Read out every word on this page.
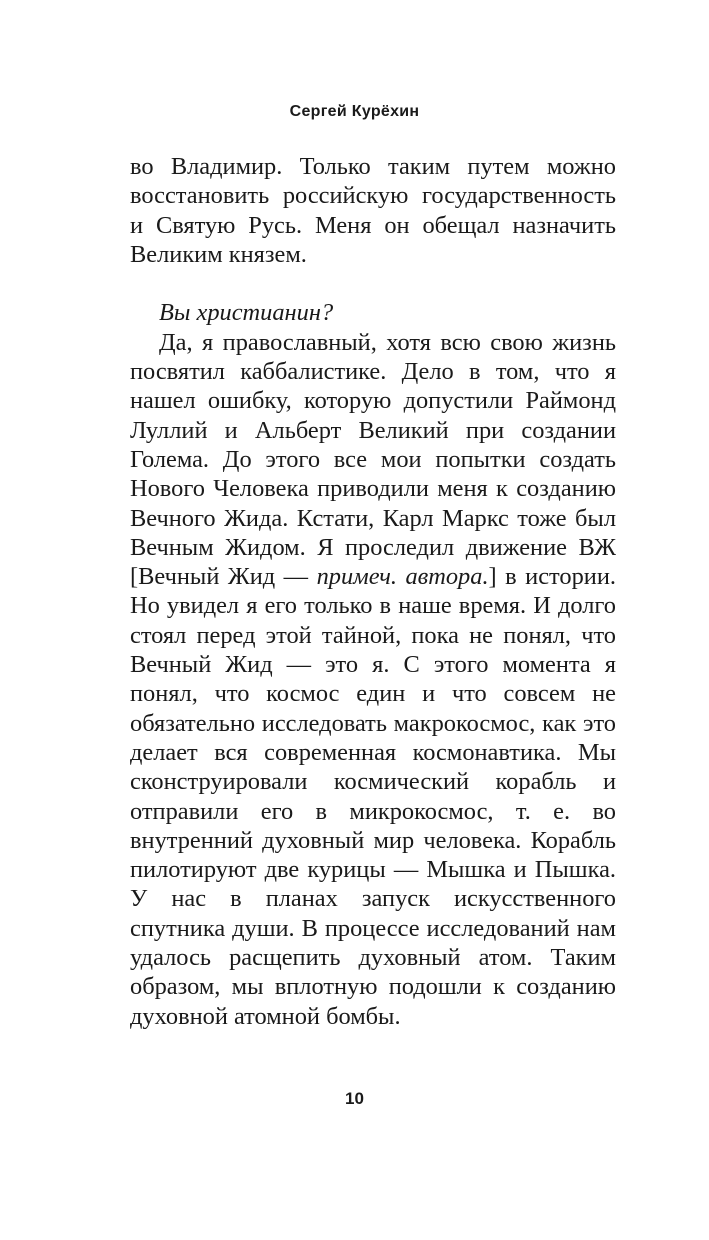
Сергей Курёхин

во Владимир. Только таким путем можно восстановить российскую государственность и Святую Русь. Меня он обещал назначить Великим князем.

Вы христианин?

Да, я православный, хотя всю свою жизнь посвятил каббалистике. Дело в том, что я нашел ошибку, которую допустили Раймонд Луллий и Альберт Великий при создании Голема. До этого все мои попытки создать Нового Человека приводили меня к созданию Вечного Жида. Кстати, Карл Маркс тоже был Вечным Жидом. Я проследил движение ВЖ [Вечный Жид — примеч. автора.] в истории. Но увидел я его только в наше время. И долго стоял перед этой тайной, пока не понял, что Вечный Жид — это я. С этого момента я понял, что космос един и что совсем не обязательно исследовать макрокосмос, как это делает вся современная космонавтика. Мы сконструировали космический корабль и отправили его в микрокосмос, т. е. во внутренний духовный мир человека. Корабль пилотируют две курицы — Мышка и Пышка. У нас в планах запуск искусственного спутника души. В процессе исследований нам удалось расщепить духовный атом. Таким образом, мы вплотную подошли к созданию духовной атомной бомбы.

10
